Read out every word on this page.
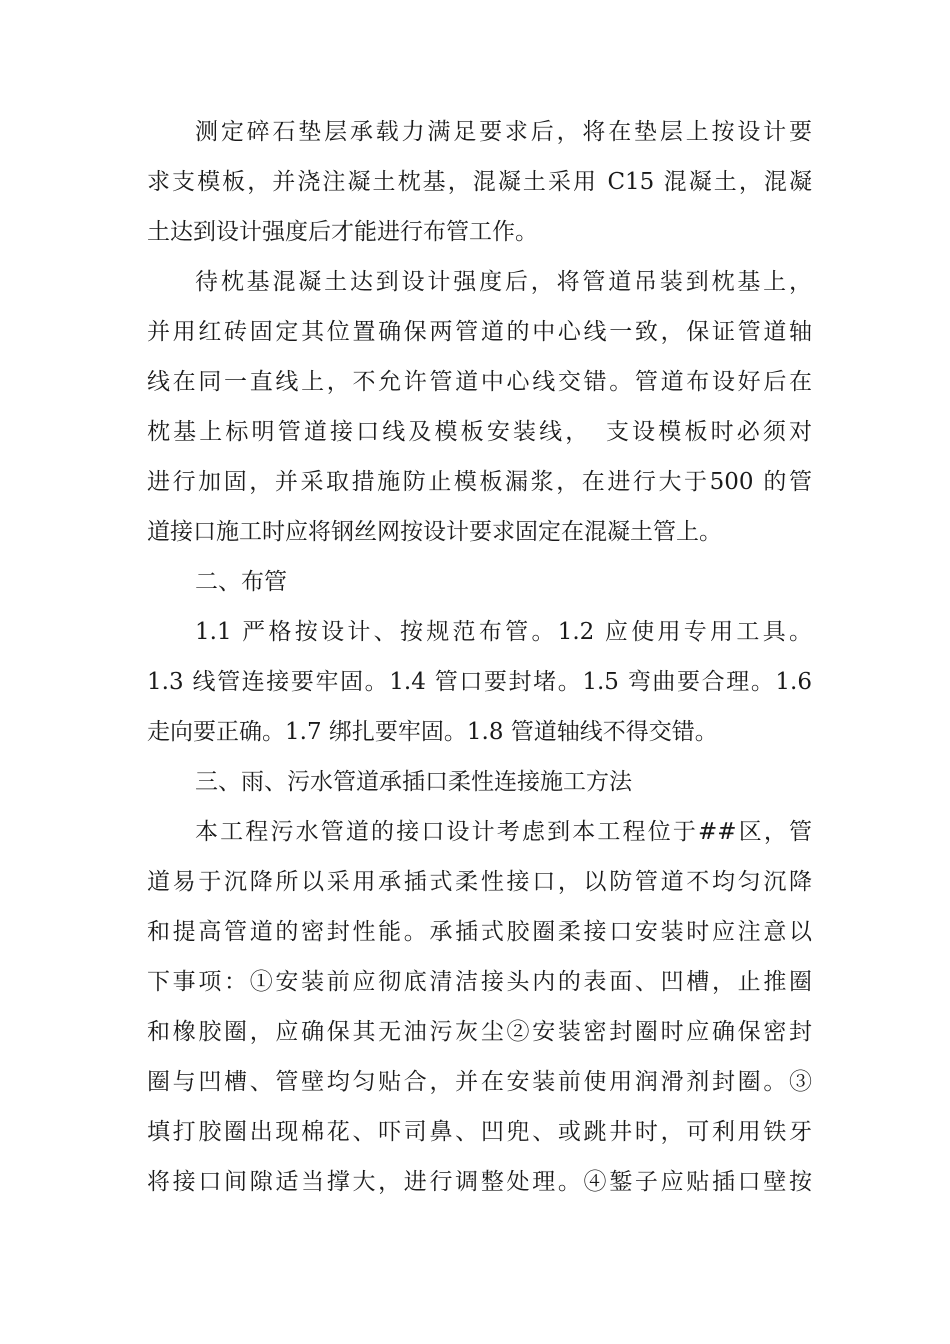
测定碎石垫层承载力满足要求后，将在垫层上按设计要
求支模板，并浇注凝土枕基，混凝土采用 C15 混凝土，混凝
土达到设计强度后才能进行布管工作。
待枕基混凝土达到设计强度后，将管道吊装到枕基上，
并用红砖固定其位置确保两管道的中心线一致，保证管道轴
线在同一直线上，不允许管道中心线交错。管道布设好后在
枕基上标明管道接口线及模板安装线，　支设模板时必须对
进行加固，并采取措施防止模板漏浆，在进行大于500 的管
道接口施工时应将钢丝网按设计要求固定在混凝土管上。
二、布管
1.1 严格按设计、按规范布管。1.2 应使用专用工具。
1.3 线管连接要牢固。1.4 管口要封堵。1.5 弯曲要合理。1.6
走向要正确。1.7 绑扎要牢固。1.8 管道轴线不得交错。
三、雨、污水管道承插口柔性连接施工方法
本工程污水管道的接口设计考虑到本工程位于##区，管
道易于沉降所以采用承插式柔性接口，以防管道不均匀沉降
和提高管道的密封性能。承插式胶圈柔接口安装时应注意以
下事项：①安装前应彻底清洁接头内的表面、凹槽，止推圈
和橡胶圈，应确保其无油污灰尘②安装密封圈时应确保密封
圈与凹槽、管壁均匀贴合，并在安装前使用润滑剂封圈。③
填打胶圈出现棉花、吓司鼻、凹兜、或跳井时，可利用铁牙
将接口间隙适当撑大，进行调整处理。④錾子应贴插口壁按
